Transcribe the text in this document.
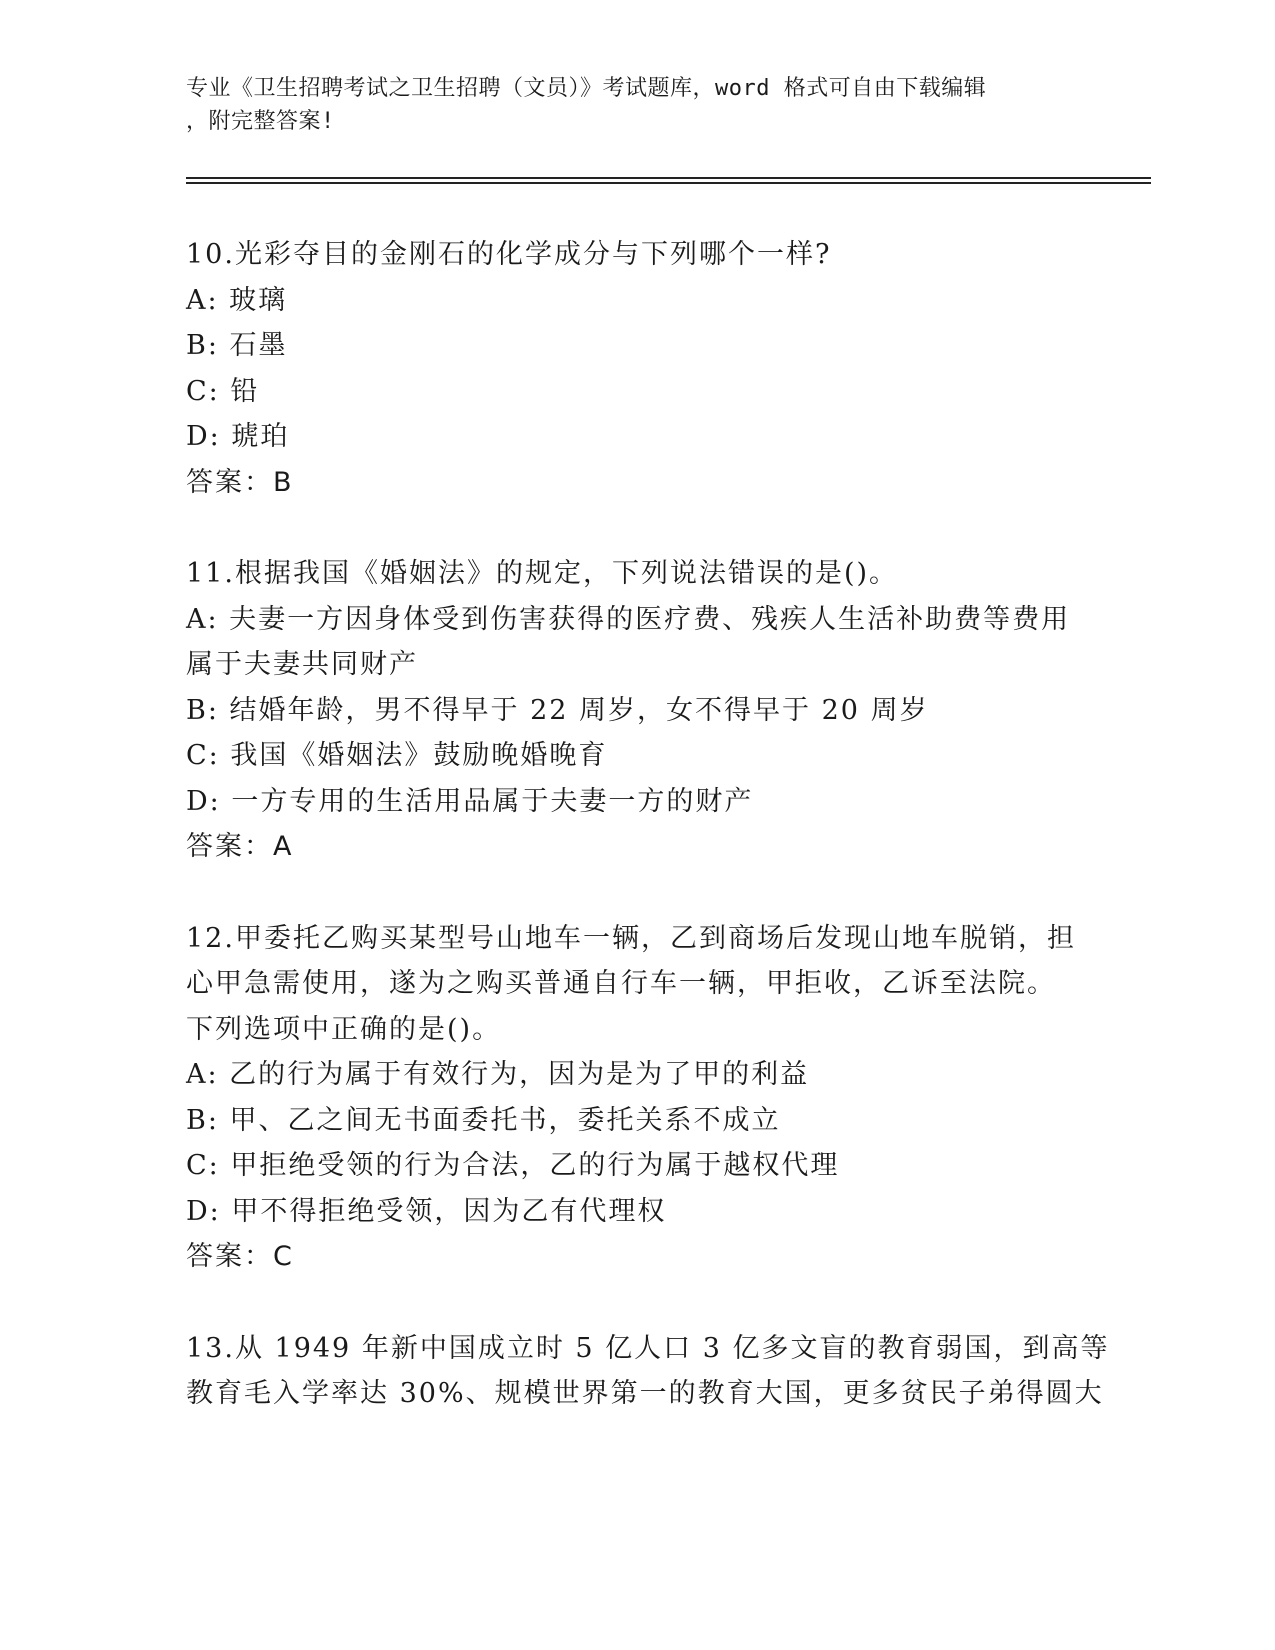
专业《卫生招聘考试之卫生招聘（文员）》考试题库，word 格式可自由下载编辑
，附完整答案!
10.光彩夺目的金刚石的化学成分与下列哪个一样?
A: 玻璃
B: 石墨
C: 铅
D: 琥珀
答案：B
11.根据我国《婚姻法》的规定，下列说法错误的是()。
A: 夫妻一方因身体受到伤害获得的医疗费、残疾人生活补助费等费用
属于夫妻共同财产
B: 结婚年龄，男不得早于 22 周岁，女不得早于 20 周岁
C: 我国《婚姻法》鼓励晚婚晚育
D: 一方专用的生活用品属于夫妻一方的财产
答案：A
12.甲委托乙购买某型号山地车一辆，乙到商场后发现山地车脱销，担
心甲急需使用，遂为之购买普通自行车一辆，甲拒收，乙诉至法院。
下列选项中正确的是()。
A: 乙的行为属于有效行为，因为是为了甲的利益
B: 甲、乙之间无书面委托书，委托关系不成立
C: 甲拒绝受领的行为合法，乙的行为属于越权代理
D: 甲不得拒绝受领，因为乙有代理权
答案：C
13.从 1949 年新中国成立时 5 亿人口 3 亿多文盲的教育弱国，到高等
教育毛入学率达 30%、规模世界第一的教育大国，更多贫民子弟得圆大
